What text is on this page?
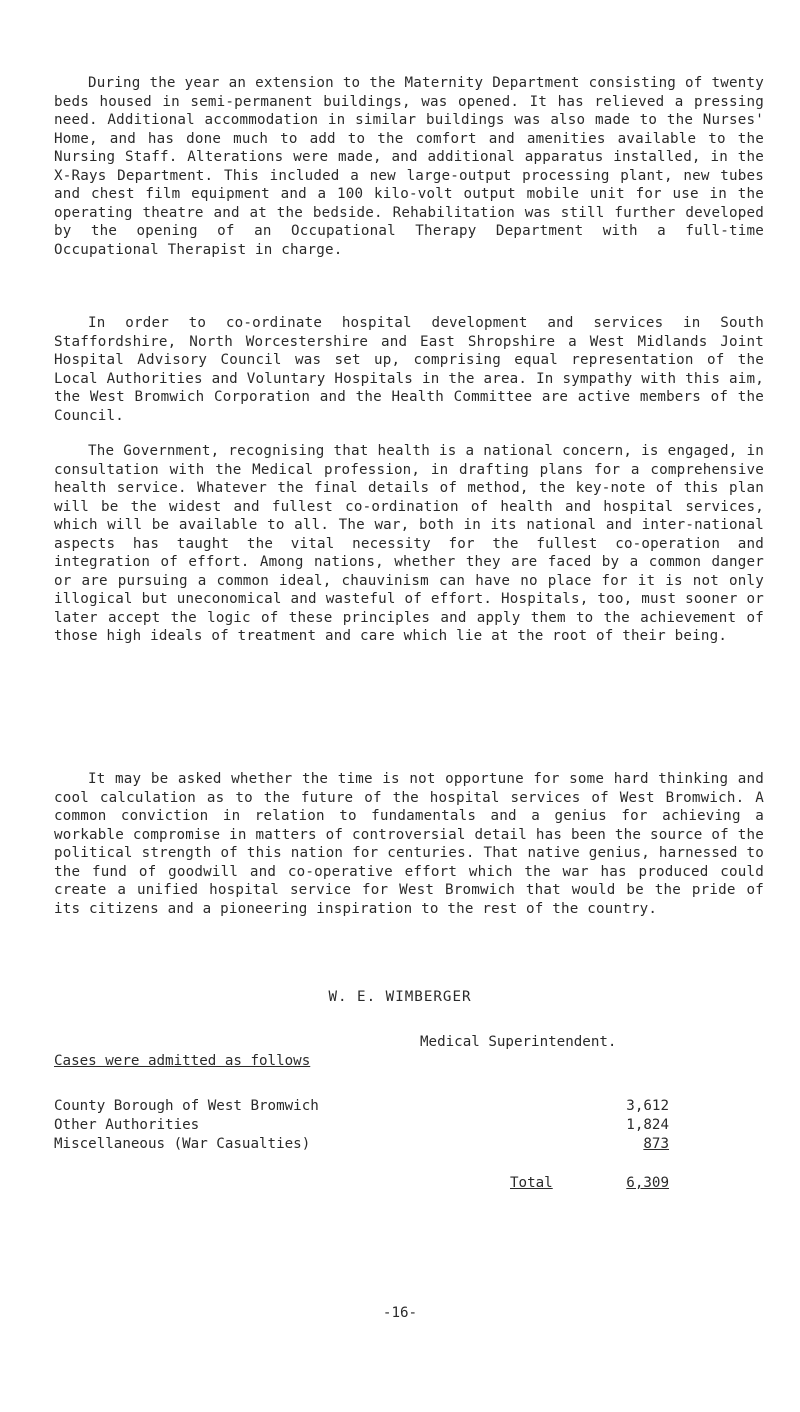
During the year an extension to the Maternity Department consisting of twenty beds housed in semi-permanent buildings, was opened. It has relieved a pressing need. Additional accommodation in similar buildings was also made to the Nurses' Home, and has done much to add to the comfort and amenities available to the Nursing Staff. Alterations were made, and additional apparatus installed, in the X-Rays Department. This included a new large-output processing plant, new tubes and chest film equipment and a 100 kilo-volt output mobile unit for use in the operating theatre and at the bedside. Rehabilitation was still further developed by the opening of an Occupational Therapy Department with a full-time Occupational Therapist in charge.

In order to co-ordinate hospital development and services in South Staffordshire, North Worcestershire and East Shropshire a West Midlands Joint Hospital Advisory Council was set up, comprising equal representation of the Local Authorities and Voluntary Hospitals in the area. In sympathy with this aim, the West Bromwich Corporation and the Health Committee are active members of the Council.

The Government, recognising that health is a national concern, is engaged, in consultation with the Medical profession, in drafting plans for a comprehensive health service. Whatever the final details of method, the key-note of this plan will be the widest and fullest co-ordination of health and hospital services, which will be available to all. The war, both in its national and inter-national aspects has taught the vital necessity for the fullest co-operation and integration of effort. Among nations, whether they are faced by a common danger or are pursuing a common ideal, chauvinism can have no place for it is not only illogical but uneconomical and wasteful of effort. Hospitals, too, must sooner or later accept the logic of these principles and apply them to the achievement of those high ideals of treatment and care which lie at the root of their being.

It may be asked whether the time is not opportune for some hard thinking and cool calculation as to the future of the hospital services of West Bromwich. A common conviction in relation to fundamentals and a genius for achieving a workable compromise in matters of controversial detail has been the source of the political strength of this nation for centuries. That native genius, harnessed to the fund of goodwill and co-operative effort which the war has produced could create a unified hospital service for West Bromwich that would be the pride of its citizens and a pioneering inspiration to the rest of the country.

W. E. WIMBERGER
Medical Superintendent.
Cases were admitted as follows
County Borough of West Bromwich	3,612
Other Authorities	1,824
Miscellaneous (War Casualties)	873
Total	6,309
-16-
